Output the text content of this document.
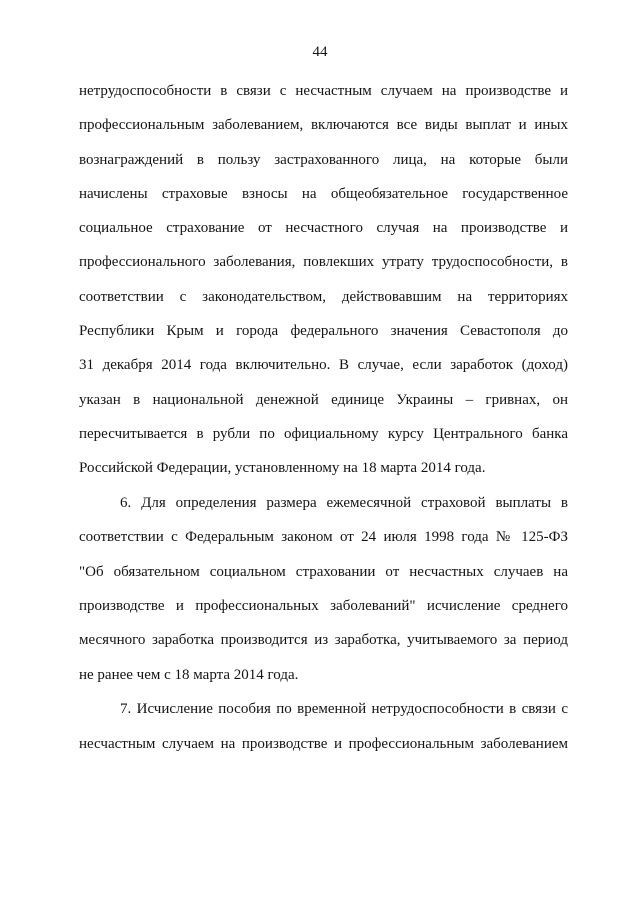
44
нетрудоспособности в связи с несчастным случаем на производстве и
профессиональным заболеванием, включаются все виды выплат и иных
вознаграждений в пользу застрахованного лица, на которые были
начислены страховые взносы на общеобязательное государственное
социальное страхование от несчастного случая на производстве и
профессионального заболевания, повлекших утрату трудоспособности, в
соответствии с законодательством, действовавшим на территориях
Республики Крым и города федерального значения Севастополя до
31 декабря 2014 года включительно. В случае, если заработок (доход)
указан в национальной денежной единице Украины – гривнах, он
пересчитывается в рубли по официальному курсу Центрального банка
Российской Федерации, установленному на 18 марта 2014 года.
6. Для определения размера ежемесячной страховой выплаты в
соответствии с Федеральным законом от 24 июля 1998 года № 125-ФЗ
"Об обязательном социальном страховании от несчастных случаев на
производстве и профессиональных заболеваний" исчисление среднего
месячного заработка производится из заработка, учитываемого за период
не ранее чем с 18 марта 2014 года.
7. Исчисление пособия по временной нетрудоспособности в связи с
несчастным случаем на производстве и профессиональным заболеванием
